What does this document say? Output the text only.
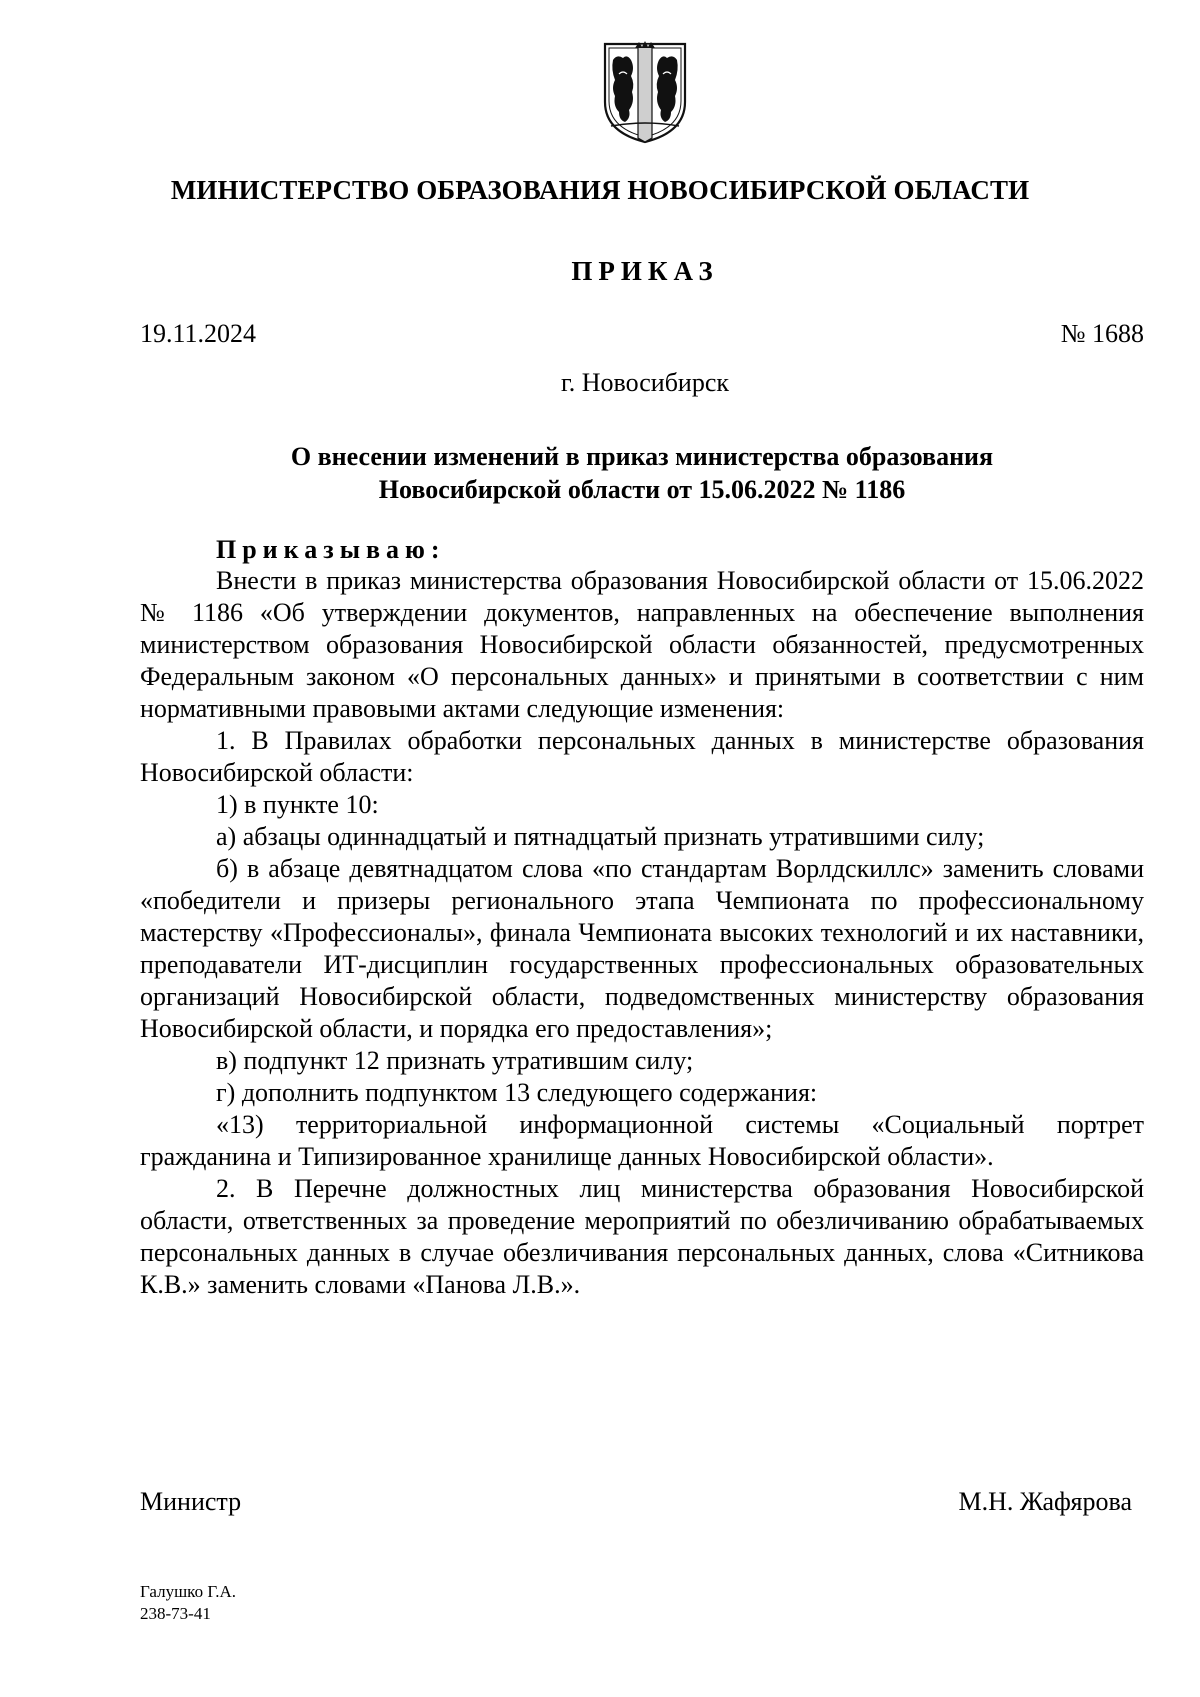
МИНИСТЕРСТВО ОБРАЗОВАНИЯ НОВОСИБИРСКОЙ ОБЛАСТИ
ПРИКАЗ
19.11.2024	№ 1688
г. Новосибирск
О внесении изменений в приказ министерства образования
Новосибирской области от 15.06.2022 № 1186
Приказываю:

Внести в приказ министерства образования Новосибирской области от 15.06.2022 № 1186 «Об утверждении документов, направленных на обеспечение выполнения министерством образования Новосибирской области обязанностей, предусмотренных Федеральным законом «О персональных данных» и принятыми в соответствии с ним нормативными правовыми актами следующие изменения:

1. В Правилах обработки персональных данных в министерстве образования Новосибирской области:

1) в пункте 10:

а) абзацы одиннадцатый и пятнадцатый признать утратившими силу;

б) в абзаце девятнадцатом слова «по стандартам Ворлдскиллс» заменить словами «победители и призеры регионального этапа Чемпионата по профессиональному мастерству «Профессионалы», финала Чемпионата высоких технологий и их наставники, преподаватели ИТ-дисциплин государственных профессиональных образовательных организаций Новосибирской области, подведомственных министерству образования Новосибирской области, и порядка его предоставления»;

в) подпункт 12 признать утратившим силу;

г) дополнить подпунктом 13 следующего содержания:

«13) территориальной информационной системы «Социальный портрет гражданина и Типизированное хранилище данных Новосибирской области».

2. В Перечне должностных лиц министерства образования Новосибирской области, ответственных за проведение мероприятий по обезличиванию обрабатываемых персональных данных в случае обезличивания персональных данных, слова «Ситникова К.В.» заменить словами «Панова Л.В.».

Министр	М.Н. Жафярова
Галушко Г.А.
238-73-41
